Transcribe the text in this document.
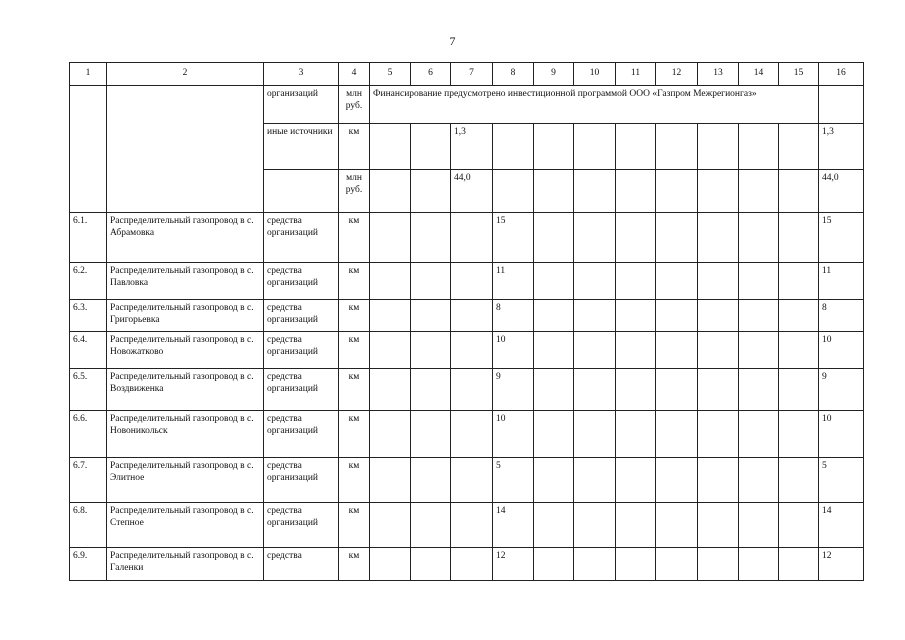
7
1	2	3	4	5	6	7	8	9	10	11	12	13	14	15	16
		организаций	млн руб.	Финансирование предусмотрено инвестиционной программой ООО «Газпром Межрегионгаз»											
		иные источники	км			1,3									1,3
			млн руб.			44,0									44,0
6.1.	Распределительный газопровод в с. Абрамовка	средства организаций	км				15								15
6.2.	Распределительный газопровод в с. Павловка	средства организаций	км				11								11
6.3.	Распределительный газопровод в с. Григорьевка	средства организаций	км				8								8
6.4.	Распределительный газопровод в с. Новожатково	средства организаций	км				10								10
6.5.	Распределительный газопровод в с. Воздвиженка	средства организаций	км				9								9
6.6.	Распределительный газопровод в с. Новоникольск	средства организаций	км				10								10
6.7.	Распределительный газопровод в с. Элитное	средства организаций	км				5								5
6.8.	Распределительный газопровод в с. Степное	средства организаций	км				14								14
6.9.	Распределительный газопровод в с. Галенки	средства	км				12								12
